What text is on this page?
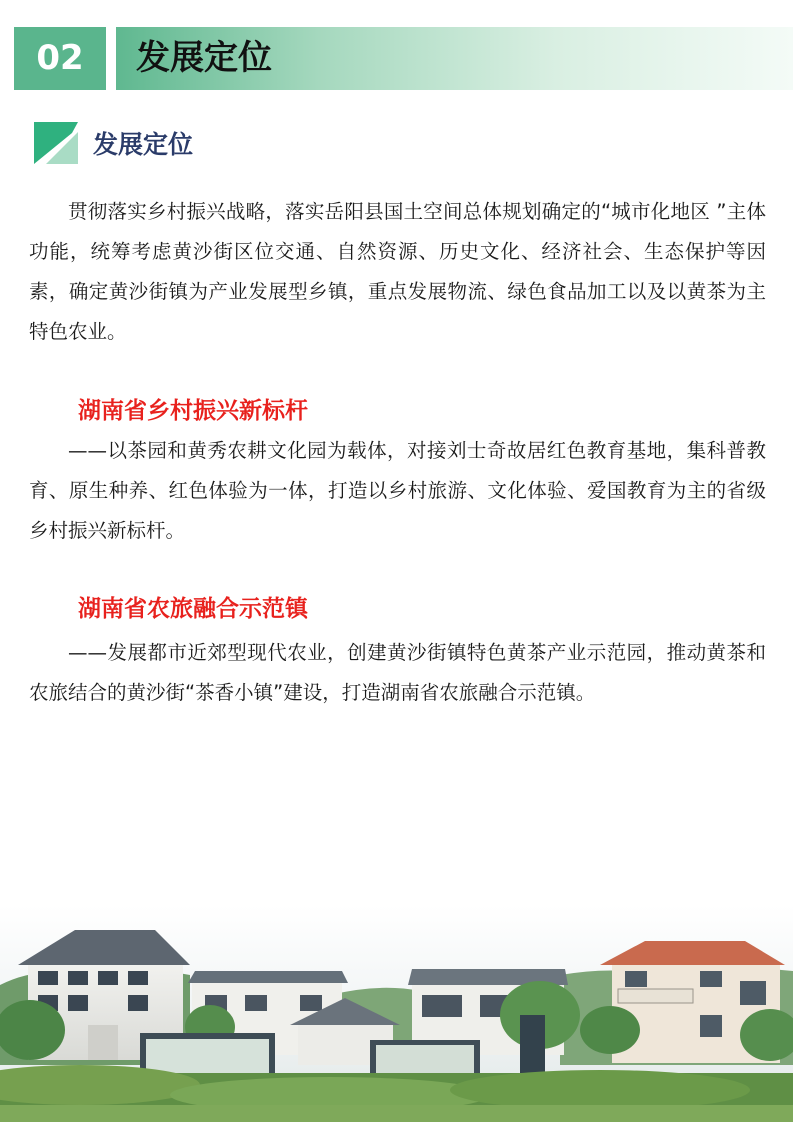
02	发展定位
发展定位

贯彻落实乡村振兴战略，落实岳阳县国土空间总体规划确定的“城市化地区 ”主体功能，统筹考虑黄沙街区位交通、自然资源、历史文化、经济社会、生态保护等因素，确定黄沙街镇为产业发展型乡镇，重点发展物流、绿色食品加工以及以黄茶为主特色农业。

湖南省乡村振兴新标杆

——以茶园和黄秀农耕文化园为载体，对接刘士奇故居红色教育基地，集科普教育、原生种养、红色体验为一体，打造以乡村旅游、文化体验、爱国教育为主的省级乡村振兴新标杆。

湖南省农旅融合示范镇

——发展都市近郊型现代农业，创建黄沙街镇特色黄茶产业示范园，推动黄茶和农旅结合的黄沙街“茶香小镇”建设，打造湖南省农旅融合示范镇。
